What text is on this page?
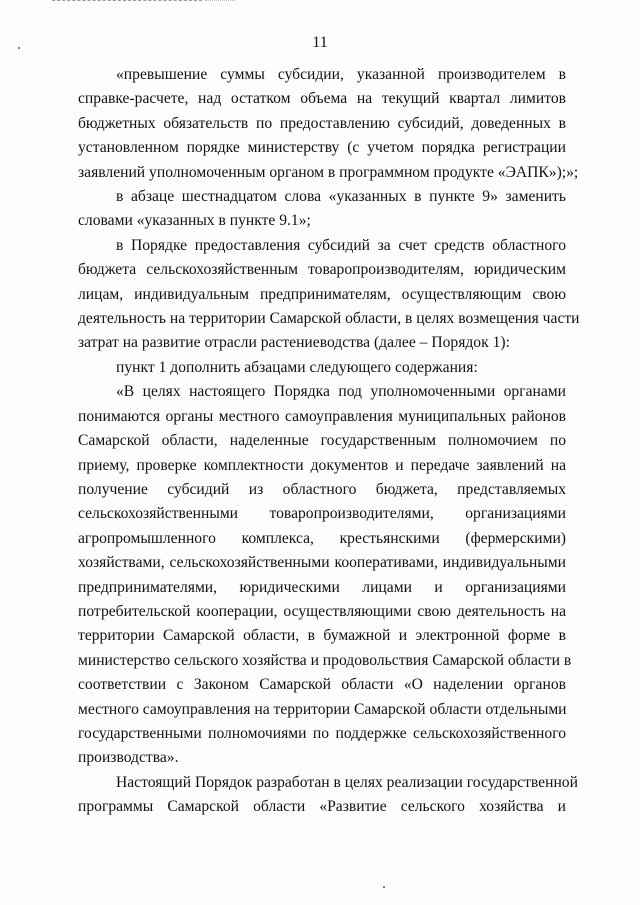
11
«превышение суммы субсидии, указанной производителем в
справке-расчете, над остатком объема на текущий квартал лимитов
бюджетных обязательств по предоставлению субсидий, доведенных в
установленном порядке министерству (с учетом порядка регистрации
заявлений уполномоченным органом в программном продукте «ЭАПК»);»;
в абзаце шестнадцатом слова «указанных в пункте 9» заменить
словами «указанных в пункте 9.1»;
в Порядке предоставления субсидий за счет средств областного
бюджета сельскохозяйственным товаропроизводителям, юридическим
лицам, индивидуальным предпринимателям, осуществляющим свою
деятельность на территории Самарской области, в целях возмещения части
затрат на развитие отрасли растениеводства (далее – Порядок 1):
пункт 1 дополнить абзацами следующего содержания:
«В целях настоящего Порядка под уполномоченными органами
понимаются органы местного самоуправления муниципальных районов
Самарской области, наделенные государственным полномочием по
приему, проверке комплектности документов и передаче заявлений на
получение субсидий из областного бюджета, представляемых
сельскохозяйственными товаропроизводителями, организациями
агропромышленного комплекса, крестьянскими (фермерскими)
хозяйствами, сельскохозяйственными кооперативами, индивидуальными
предпринимателями, юридическими лицами и организациями
потребительской кооперации, осуществляющими свою деятельность на
территории Самарской области, в бумажной и электронной форме в
министерство сельского хозяйства и продовольствия Самарской области в
соответствии с Законом Самарской области «О наделении органов
местного самоуправления на территории Самарской области отдельными
государственными полномочиями по поддержке сельскохозяйственного
производства».
Настоящий Порядок разработан в целях реализации государственной
программы Самарской области «Развитие сельского хозяйства и
